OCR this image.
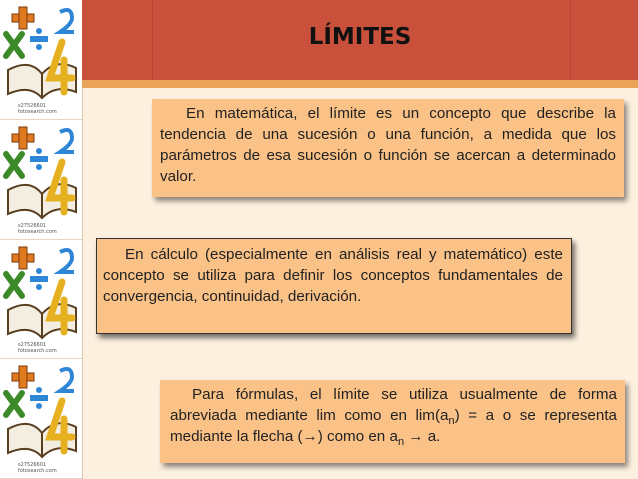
s27526601 fotosearch.com
s27526601 fotosearch.com
s27526601 fotosearch.com
s27526601 fotosearch.com
LÍMITES

En matemática, el límite es un concepto que describe la tendencia de una sucesión o una función, a medida que los parámetros de esa sucesión o función se acercan a determinado valor.

En cálculo (especialmente en análisis real y matemático) este concepto se utiliza para definir los conceptos fundamentales de convergencia, continuidad, derivación.

Para fórmulas, el límite se utiliza usualmente de forma abreviada mediante lim como en $\lim(a_n) = a$ o se representa mediante la flecha (→) como en $a_n \to a$.
